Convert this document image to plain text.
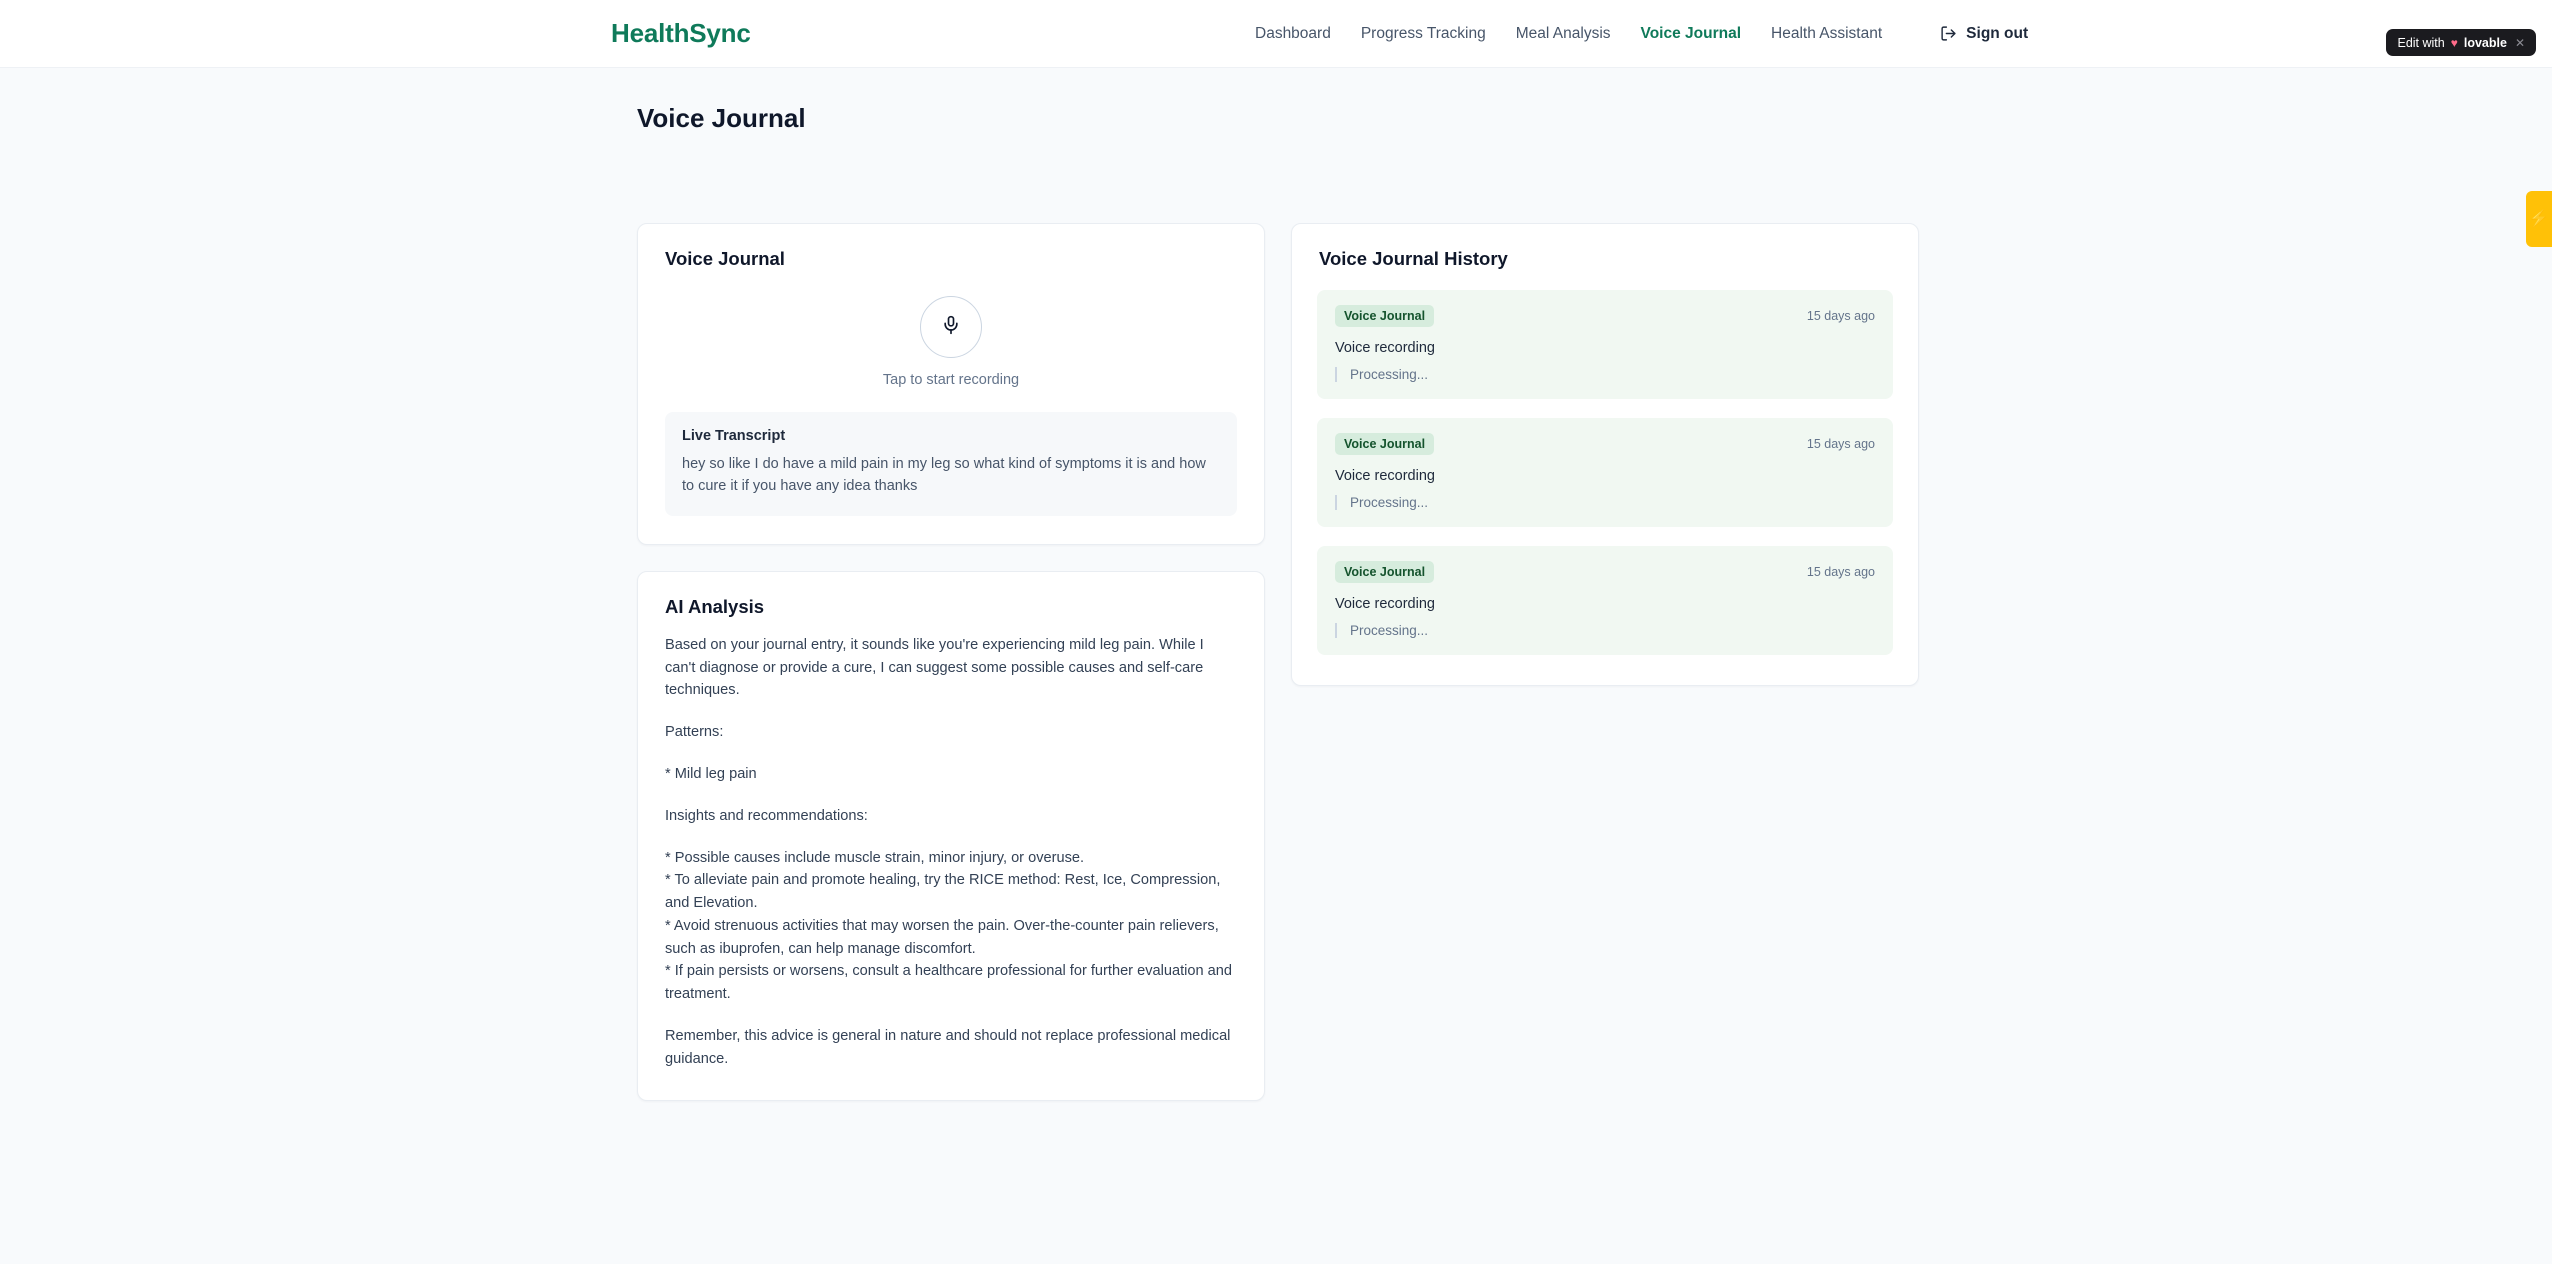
HealthSync	Dashboard Progress Tracking Meal Analysis Voice Journal Health Assistant	Sign out
Voice Journal
Voice Journal
Tap to start recording
Live Transcript
hey so like I do have a mild pain in my leg so what kind of symptoms it is and how to cure it if you have any idea thanks
AI Analysis

Based on your journal entry, it sounds like you're experiencing mild leg pain. While I can't diagnose or provide a cure, I can suggest some possible causes and self-care techniques.

Patterns:

* Mild leg pain

Insights and recommendations:

* Possible causes include muscle strain, minor injury, or overuse.
* To alleviate pain and promote healing, try the RICE method: Rest, Ice, Compression, and Elevation.
* Avoid strenuous activities that may worsen the pain. Over-the-counter pain relievers, such as ibuprofen, can help manage discomfort.
* If pain persists or worsens, consult a healthcare professional for further evaluation and treatment.

Remember, this advice is general in nature and should not replace professional medical guidance.

Voice Journal History
Voice Journal	15 days ago
Voice recording
Processing...
Voice Journal	15 days ago
Voice recording
Processing...
Voice Journal	15 days ago
Voice recording
Processing...
⚡
Edit with ♥ lovable ✕
